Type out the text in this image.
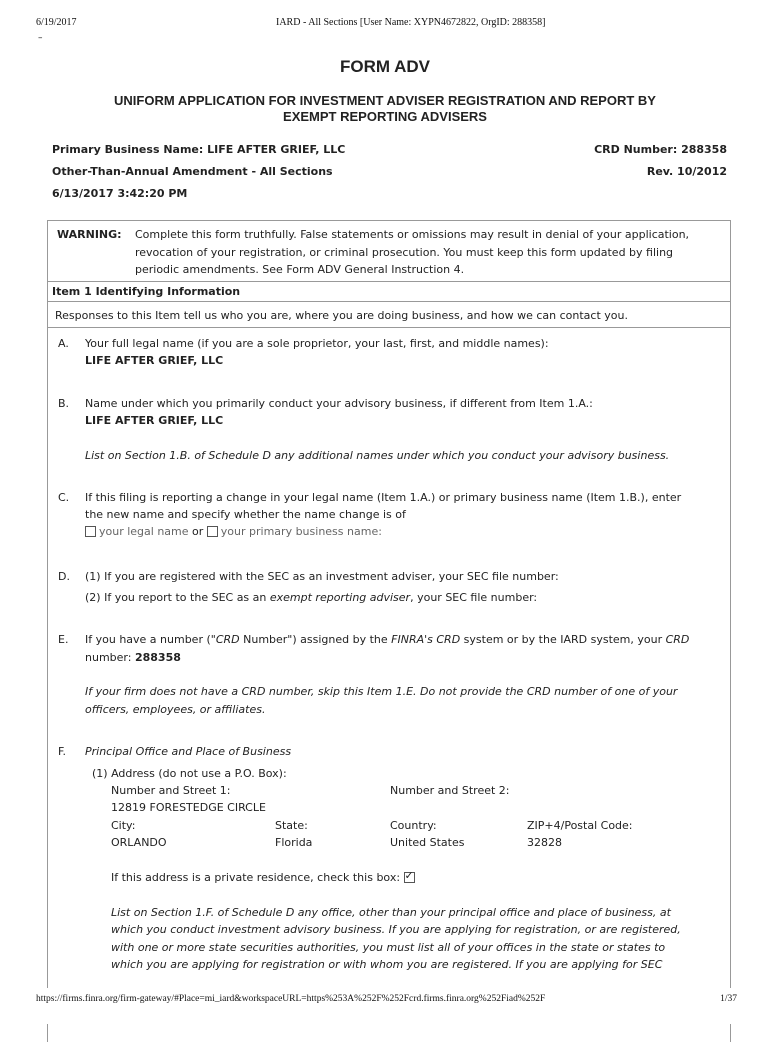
6/19/2017	IARD - All Sections [User Name: XYPN4672822, OrgID: 288358]
–
FORM ADV
UNIFORM APPLICATION FOR INVESTMENT ADVISER REGISTRATION AND REPORT BY
EXEMPT REPORTING ADVISERS
Primary Business Name: LIFE AFTER GRIEF, LLC	CRD Number: 288358
Other-Than-Annual Amendment - All Sections	Rev. 10/2012
6/13/2017 3:42:20 PM
WARNING: Complete this form truthfully. False statements or omissions may result in denial of your application,
revocation of your registration, or criminal prosecution. You must keep this form updated by filing
periodic amendments. See Form ADV General Instruction 4.
Item 1 Identifying Information
Responses to this Item tell us who you are, where you are doing business, and how we can contact you.
A. Your full legal name (if you are a sole proprietor, your last, first, and middle names):
LIFE AFTER GRIEF, LLC
B. Name under which you primarily conduct your advisory business, if different from Item 1.A.:
LIFE AFTER GRIEF, LLC
List on Section 1.B. of Schedule D any additional names under which you conduct your advisory business.
C. If this filing is reporting a change in your legal name (Item 1.A.) or primary business name (Item 1.B.), enter
the new name and specify whether the name change is of
your legal name or your primary business name:
D. (1) If you are registered with the SEC as an investment adviser, your SEC file number:
(2) If you report to the SEC as an exempt reporting adviser, your SEC file number:
E. If you have a number ("CRD Number") assigned by the FINRA's CRD system or by the IARD system, your CRD
number: 288358
If your firm does not have a CRD number, skip this Item 1.E. Do not provide the CRD number of one of your
officers, employees, or affiliates.
F. Principal Office and Place of Business
(1) Address (do not use a P.O. Box):
Number and Street 1:	Number and Street 2:
12819 FORESTEDGE CIRCLE
City:	State:	Country:	ZIP+4/Postal Code:
ORLANDO	Florida	United States	32828
If this address is a private residence, check this box: ✓
List on Section 1.F. of Schedule D any office, other than your principal office and place of business, at
which you conduct investment advisory business. If you are applying for registration, or are registered,
with one or more state securities authorities, you must list all of your offices in the state or states to
which you are applying for registration or with whom you are registered. If you are applying for SEC
https://firms.finra.org/firm-gateway/#Place=mi_iard&workspaceURL=https%253A%252F%252Fcrd.firms.finra.org%252Fiad%252F	1/37
